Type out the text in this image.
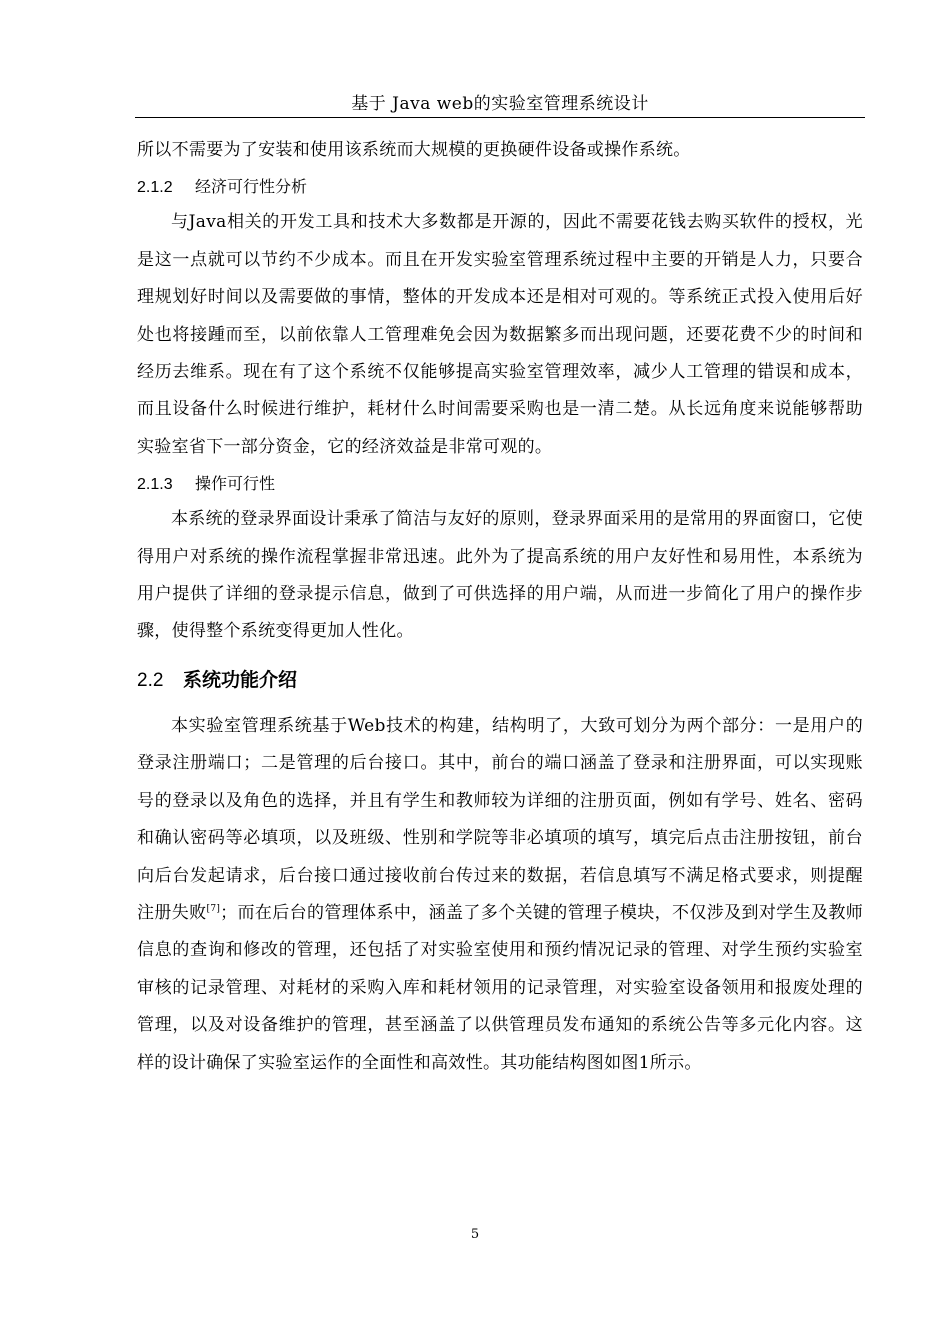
基于 Java web的实验室管理系统设计

所以不需要为了安装和使用该系统而大规模的更换硬件设备或操作系统。

2.1.2 经济可行性分析

与Java相关的开发工具和技术大多数都是开源的，因此不需要花钱去购买软件的授权，光是这一点就可以节约不少成本。而且在开发实验室管理系统过程中主要的开销是人力，只要合理规划好时间以及需要做的事情，整体的开发成本还是相对可观的。等系统正式投入使用后好处也将接踵而至，以前依靠人工管理难免会因为数据繁多而出现问题，还要花费不少的时间和经历去维系。现在有了这个系统不仅能够提高实验室管理效率，减少人工管理的错误和成本，而且设备什么时候进行维护，耗材什么时间需要采购也是一清二楚。从长远角度来说能够帮助实验室省下一部分资金，它的经济效益是非常可观的。

2.1.3 操作可行性

本系统的登录界面设计秉承了简洁与友好的原则，登录界面采用的是常用的界面窗口，它使得用户对系统的操作流程掌握非常迅速。此外为了提高系统的用户友好性和易用性，本系统为用户提供了详细的登录提示信息，做到了可供选择的用户端，从而进一步简化了用户的操作步骤，使得整个系统变得更加人性化。

2.2 系统功能介绍

本实验室管理系统基于Web技术的构建，结构明了，大致可划分为两个部分：一是用户的登录注册端口；二是管理的后台接口。其中，前台的端口涵盖了登录和注册界面，可以实现账号的登录以及角色的选择，并且有学生和教师较为详细的注册页面，例如有学号、姓名、密码和确认密码等必填项，以及班级、性别和学院等非必填项的填写，填完后点击注册按钮，前台向后台发起请求，后台接口通过接收前台传过来的数据，若信息填写不满足格式要求，则提醒注册失败[7]；而在后台的管理体系中，涵盖了多个关键的管理子模块，不仅涉及到对学生及教师信息的查询和修改的管理，还包括了对实验室使用和预约情况记录的管理、对学生预约实验室审核的记录管理、对耗材的采购入库和耗材领用的记录管理，对实验室设备领用和报废处理的管理，以及对设备维护的管理，甚至涵盖了以供管理员发布通知的系统公告等多元化内容。这样的设计确保了实验室运作的全面性和高效性。其功能结构图如图1所示。

5
